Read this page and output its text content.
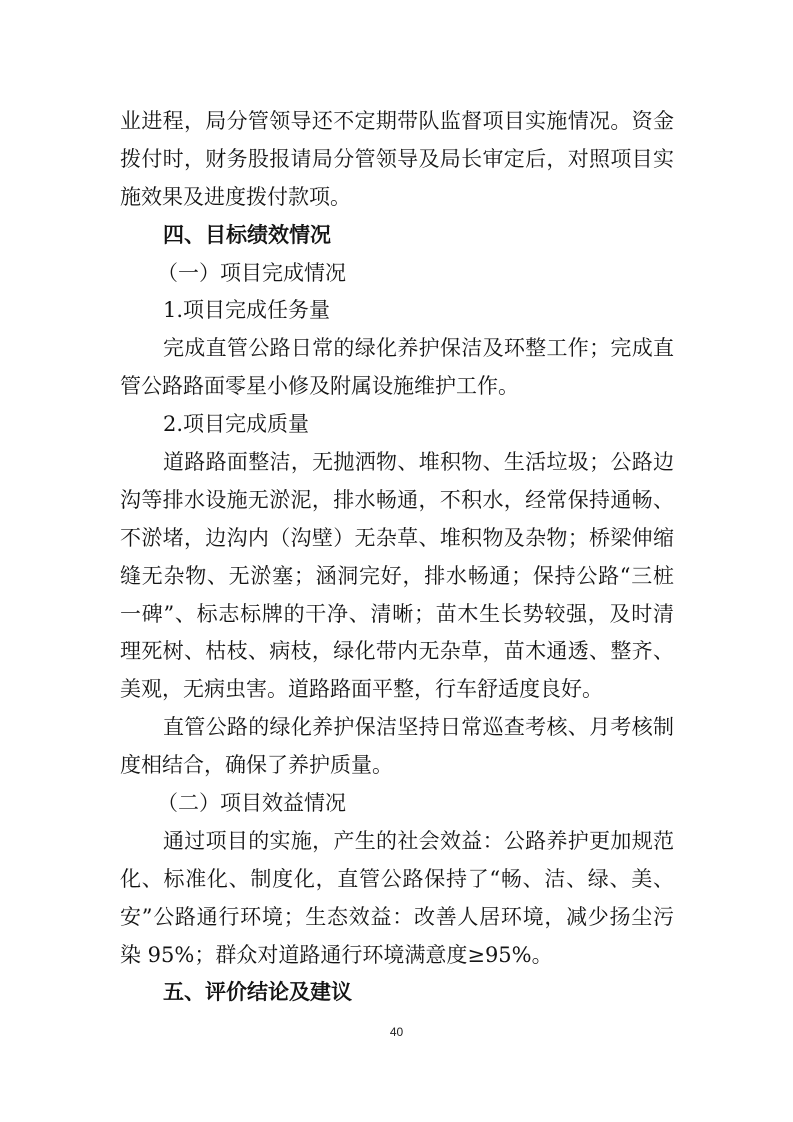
业进程，局分管领导还不定期带队监督项目实施情况。资金
拨付时，财务股报请局分管领导及局长审定后，对照项目实
施效果及进度拨付款项。
四、目标绩效情况
（一）项目完成情况
1.项目完成任务量
完成直管公路日常的绿化养护保洁及环整工作；完成直
管公路路面零星小修及附属设施维护工作。
2.项目完成质量
道路路面整洁，无抛洒物、堆积物、生活垃圾；公路边
沟等排水设施无淤泥，排水畅通，不积水，经常保持通畅、
不淤堵，边沟内（沟壁）无杂草、堆积物及杂物；桥梁伸缩
缝无杂物、无淤塞；涵洞完好，排水畅通；保持公路“三桩
一碑”、标志标牌的干净、清晰；苗木生长势较强，及时清
理死树、枯枝、病枝，绿化带内无杂草，苗木通透、整齐、
美观，无病虫害。道路路面平整，行车舒适度良好。
直管公路的绿化养护保洁坚持日常巡查考核、月考核制
度相结合，确保了养护质量。
（二）项目效益情况
通过项目的实施，产生的社会效益：公路养护更加规范
化、标准化、制度化，直管公路保持了“畅、洁、绿、美、
安”公路通行环境；生态效益：改善人居环境，减少扬尘污
染 95%；群众对道路通行环境满意度≥95%。
五、评价结论及建议
40
